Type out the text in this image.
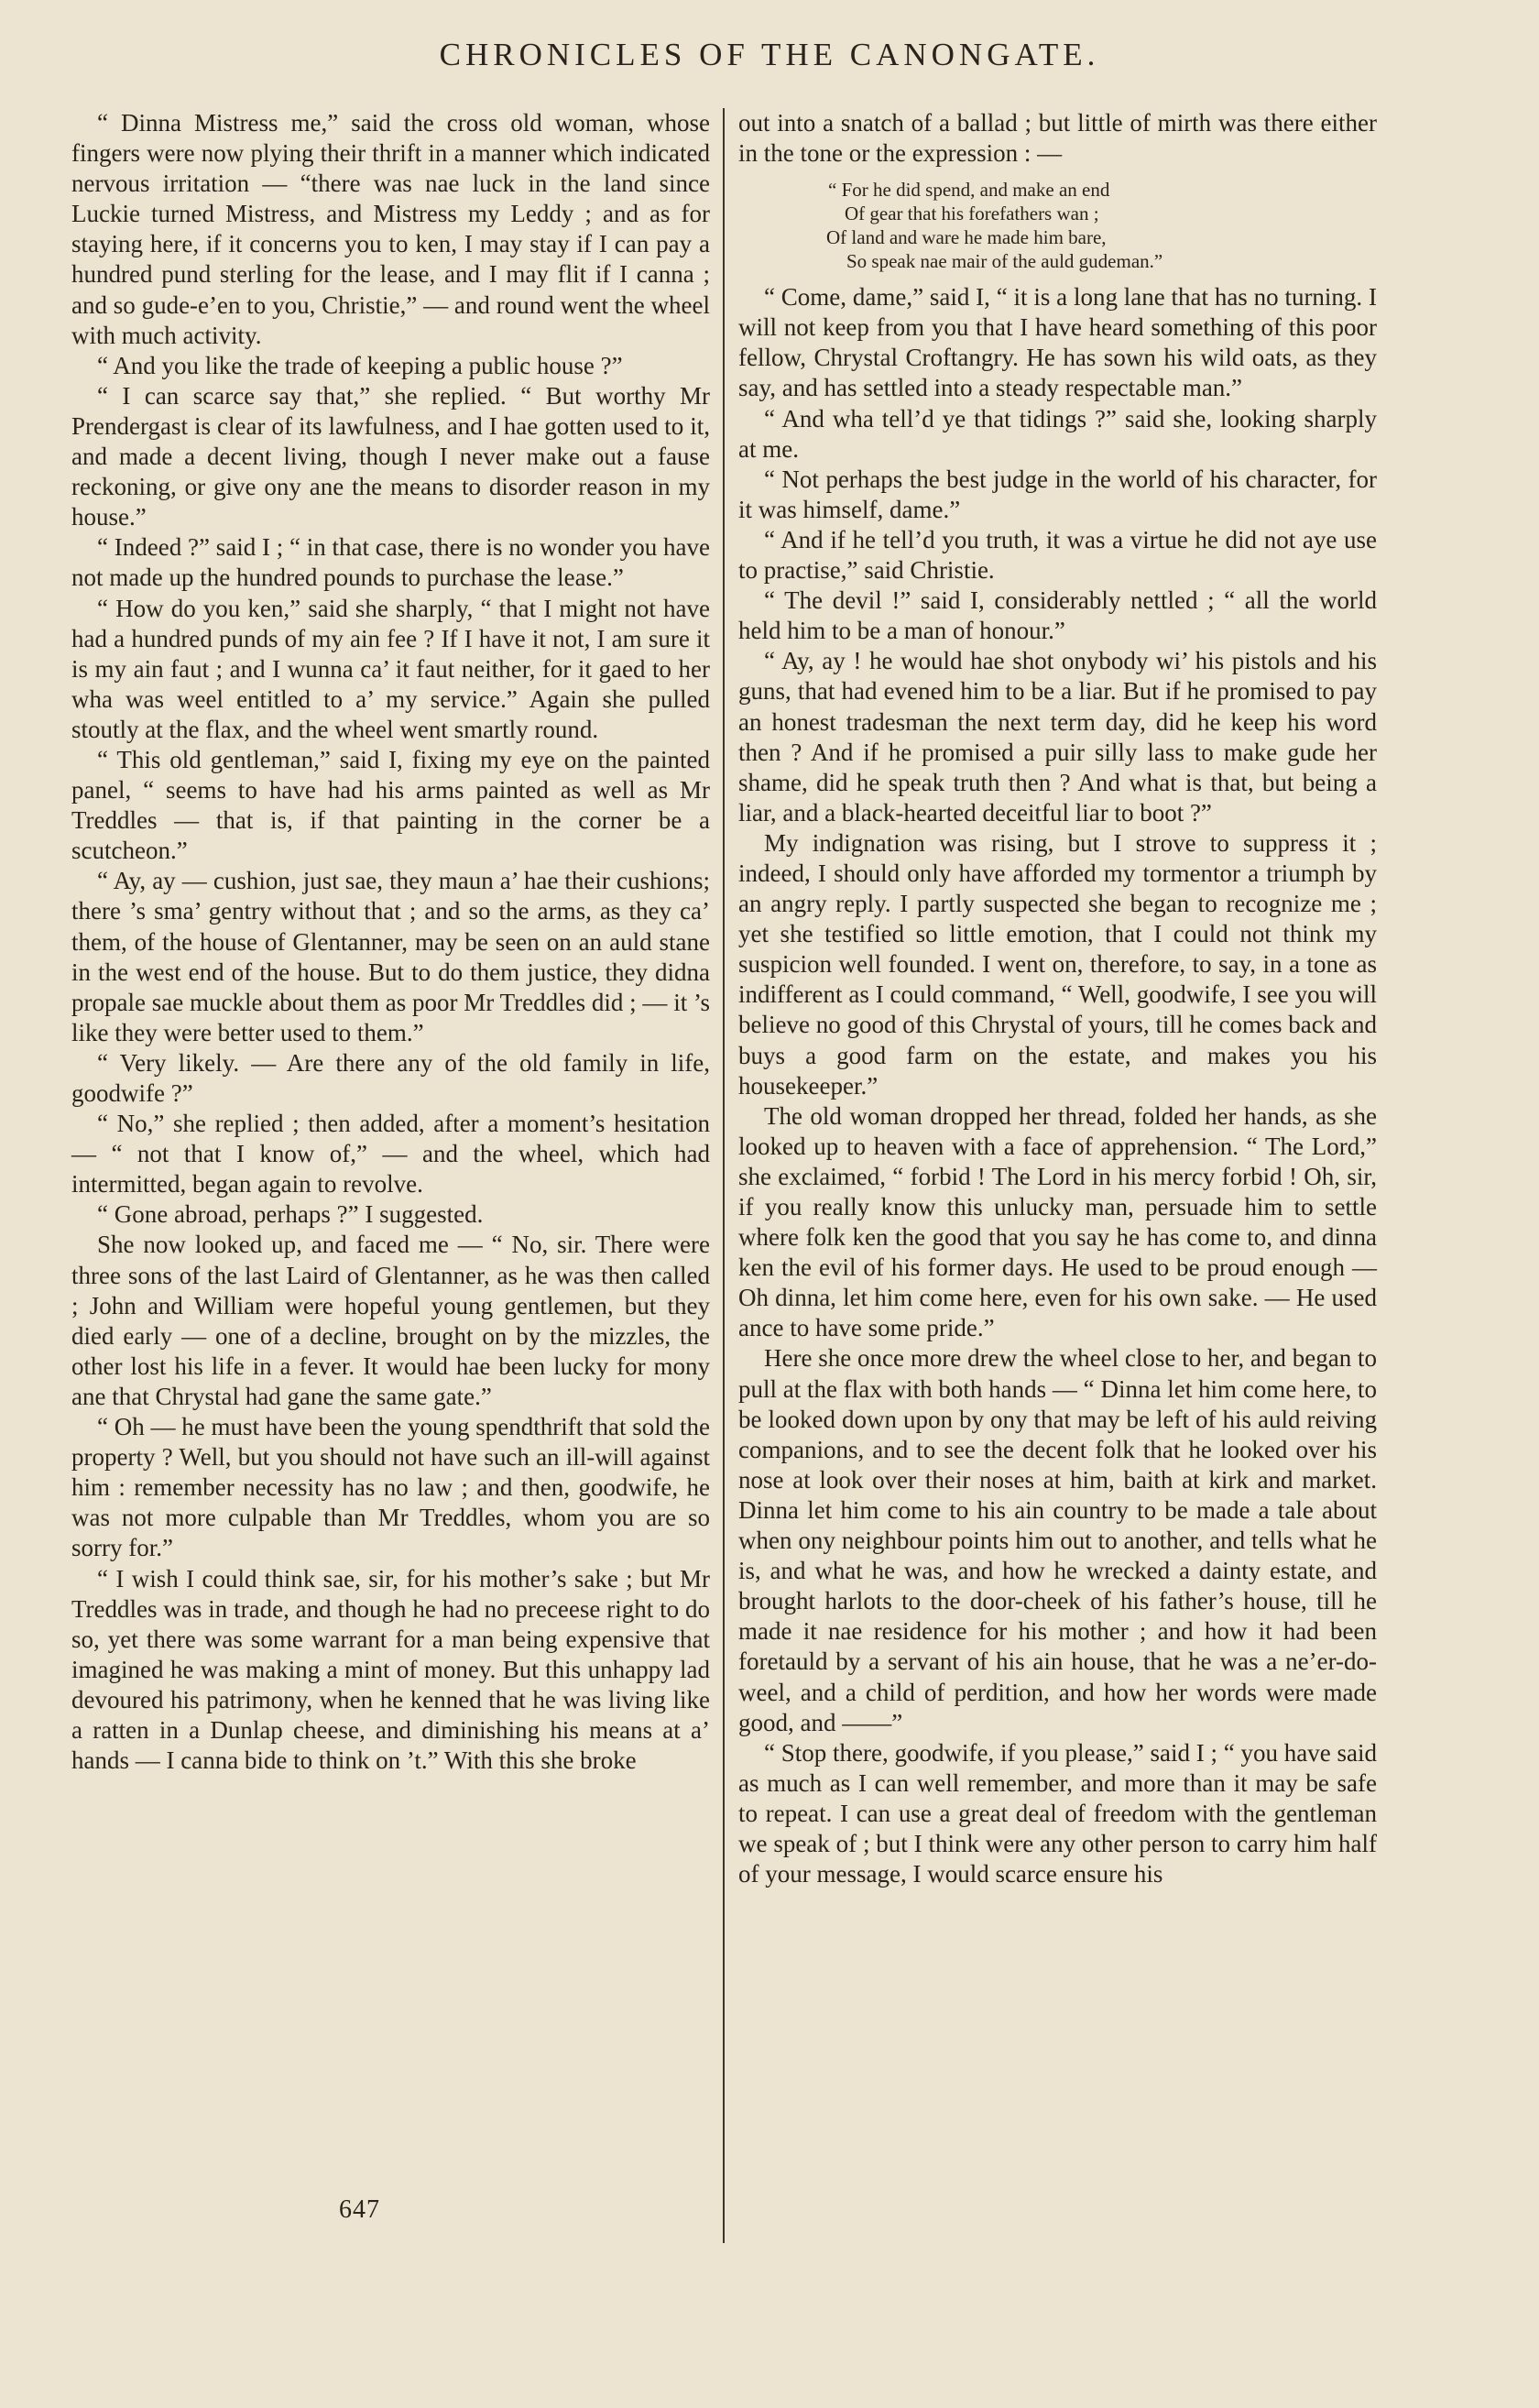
CHRONICLES OF THE CANONGATE.

“ Dinna Mistress me,” said the cross old woman, whose fingers were now plying their thrift in a manner which indicated nervous irritation — “there was nae luck in the land since Luckie turned Mistress, and Mistress my Leddy ; and as for staying here, if it concerns you to ken, I may stay if I can pay a hundred pund sterling for the lease, and I may flit if I canna ; and so gude-e’en to you, Christie,” — and round went the wheel with much activity.

“ And you like the trade of keeping a public house ?”

“ I can scarce say that,” she replied. “ But worthy Mr Prendergast is clear of its lawfulness, and I hae gotten used to it, and made a decent living, though I never make out a fause reckoning, or give ony ane the means to disorder reason in my house.”

“ Indeed ?” said I ; “ in that case, there is no wonder you have not made up the hundred pounds to purchase the lease.”

“ How do you ken,” said she sharply, “ that I might not have had a hundred punds of my ain fee ? If I have it not, I am sure it is my ain faut ; and I wunna ca’ it faut neither, for it gaed to her wha was weel entitled to a’ my service.” Again she pulled stoutly at the flax, and the wheel went smartly round.

“ This old gentleman,” said I, fixing my eye on the painted panel, “ seems to have had his arms painted as well as Mr Treddles — that is, if that painting in the corner be a scutcheon.”

“ Ay, ay — cushion, just sae, they maun a’ hae their cushions; there ’s sma’ gentry without that ; and so the arms, as they ca’ them, of the house of Glentanner, may be seen on an auld stane in the west end of the house. But to do them justice, they didna propale sae muckle about them as poor Mr Treddles did ; — it ’s like they were better used to them.”

“ Very likely. — Are there any of the old family in life, goodwife ?”

“ No,” she replied ; then added, after a moment’s hesitation — “ not that I know of,” — and the wheel, which had intermitted, began again to revolve.

“ Gone abroad, perhaps ?” I suggested.

She now looked up, and faced me — “ No, sir. There were three sons of the last Laird of Glentanner, as he was then called ; John and William were hopeful young gentlemen, but they died early — one of a decline, brought on by the mizzles, the other lost his life in a fever. It would hae been lucky for mony ane that Chrystal had gane the same gate.”

“ Oh — he must have been the young spendthrift that sold the property ? Well, but you should not have such an ill-will against him : remember necessity has no law ; and then, goodwife, he was not more culpable than Mr Treddles, whom you are so sorry for.”

“ I wish I could think sae, sir, for his mother’s sake ; but Mr Treddles was in trade, and though he had no preceese right to do so, yet there was some warrant for a man being expensive that imagined he was making a mint of money. But this unhappy lad devoured his patrimony, when he kenned that he was living like a ratten in a Dunlap cheese, and diminishing his means at a’ hands — I canna bide to think on ’t.” With this she broke

out into a snatch of a ballad ; but little of mirth was there either in the tone or the expression : —

“ For he did spend, and make an end
Of gear that his forefathers wan ;
Of land and ware he made him bare,
So speak nae mair of the auld gudeman.”

“ Come, dame,” said I, “ it is a long lane that has no turning. I will not keep from you that I have heard something of this poor fellow, Chrystal Croftangry. He has sown his wild oats, as they say, and has settled into a steady respectable man.”

“ And wha tell’d ye that tidings ?” said she, looking sharply at me.

“ Not perhaps the best judge in the world of his character, for it was himself, dame.”

“ And if he tell’d you truth, it was a virtue he did not aye use to practise,” said Christie.

“ The devil !” said I, considerably nettled ; “ all the world held him to be a man of honour.”

“ Ay, ay ! he would hae shot onybody wi’ his pistols and his guns, that had evened him to be a liar. But if he promised to pay an honest tradesman the next term day, did he keep his word then ? And if he promised a puir silly lass to make gude her shame, did he speak truth then ? And what is that, but being a liar, and a black-hearted deceitful liar to boot ?”

My indignation was rising, but I strove to suppress it ; indeed, I should only have afforded my tormentor a triumph by an angry reply. I partly suspected she began to recognize me ; yet she testified so little emotion, that I could not think my suspicion well founded. I went on, therefore, to say, in a tone as indifferent as I could command, “ Well, goodwife, I see you will believe no good of this Chrystal of yours, till he comes back and buys a good farm on the estate, and makes you his housekeeper.”

The old woman dropped her thread, folded her hands, as she looked up to heaven with a face of apprehension. “ The Lord,” she exclaimed, “ forbid ! The Lord in his mercy forbid ! Oh, sir, if you really know this unlucky man, persuade him to settle where folk ken the good that you say he has come to, and dinna ken the evil of his former days. He used to be proud enough — Oh dinna, let him come here, even for his own sake. — He used ance to have some pride.”

Here she once more drew the wheel close to her, and began to pull at the flax with both hands — “ Dinna let him come here, to be looked down upon by ony that may be left of his auld reiving companions, and to see the decent folk that he looked over his nose at look over their noses at him, baith at kirk and market. Dinna let him come to his ain country to be made a tale about when ony neighbour points him out to another, and tells what he is, and what he was, and how he wrecked a dainty estate, and brought harlots to the door-cheek of his father’s house, till he made it nae residence for his mother ; and how it had been foretauld by a servant of his ain house, that he was a ne’er-do-weel, and a child of perdition, and how her words were made good, and ——”

“ Stop there, goodwife, if you please,” said I ; “ you have said as much as I can well remember, and more than it may be safe to repeat. I can use a great deal of freedom with the gentleman we speak of ; but I think were any other person to carry him half of your message, I would scarce ensure his

647
